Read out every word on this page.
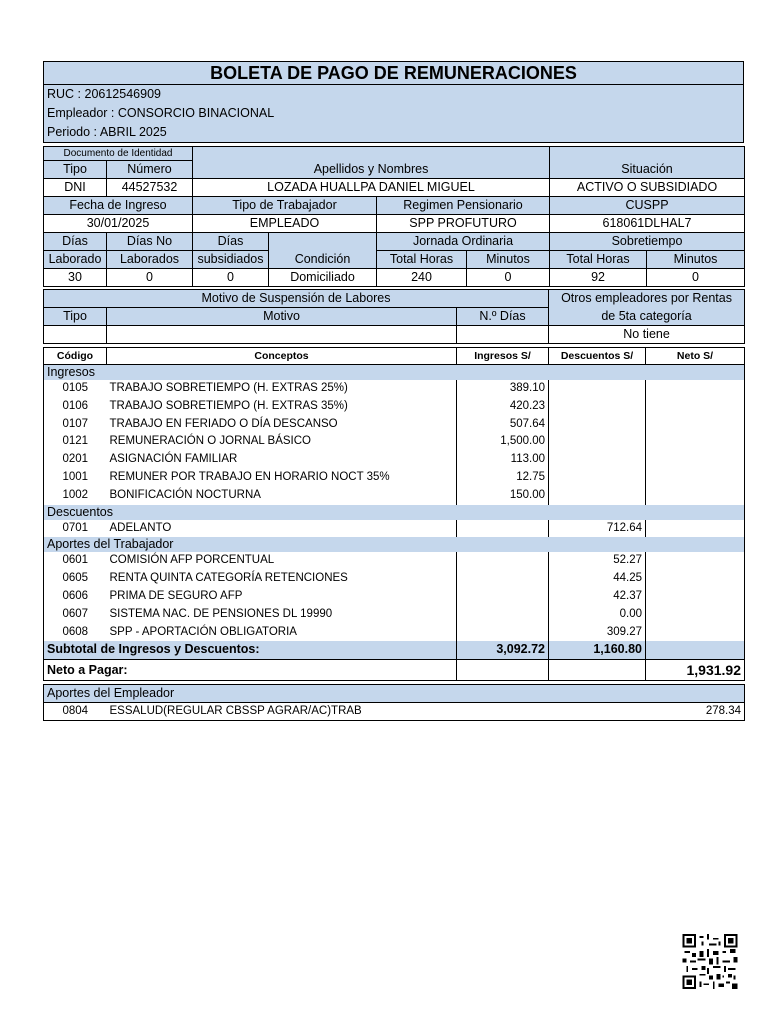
BOLETA DE PAGO DE REMUNERACIONES
RUC : 20612546909
Empleador : CONSORCIO BINACIONAL
Periodo : ABRIL 2025
Documento de Identidad		Apellidos y Nombres				Situación	
Tipo	Número						
DNI	44527532	LOZADA HUALLPA DANIEL MIGUEL				ACTIVO O SUBSIDIADO	
Fecha de Ingreso		Tipo de Trabajador		Regimen Pensionario		CUSPP	
30/01/2025		EMPLEADO		SPP PROFUTURO		618061DLHAL7	
Días	Días No	Días	Condición	Jornada Ordinaria		Sobretiempo	
Laborado	Laborados	subsidiados		Total Horas	Minutos	Total Horas	Minutos
30	0	0	Domiciliado	240	0	92	0
Motivo de Suspensión de Labores			Otros empleadores por Rentas
Tipo	Motivo	N.º Días	de 5ta categoría
			No tiene
Código	Conceptos	Ingresos S/	Descuentos S/	Neto S/
Ingresos				
0105	TRABAJO SOBRETIEMPO (H. EXTRAS 25%)	389.10		
0106	TRABAJO SOBRETIEMPO (H. EXTRAS 35%)	420.23		
0107	TRABAJO EN FERIADO O DÍA DESCANSO	507.64		
0121	REMUNERACIÓN O JORNAL BÁSICO	1,500.00		
0201	ASIGNACIÓN FAMILIAR	113.00		
1001	REMUNER POR TRABAJO EN HORARIO NOCT 35%	12.75		
1002	BONIFICACIÓN NOCTURNA	150.00		
Descuentos				
0701	ADELANTO		712.64	
Aportes del Trabajador				
0601	COMISIÓN AFP PORCENTUAL		52.27	
0605	RENTA QUINTA CATEGORÍA RETENCIONES		44.25	
0606	PRIMA DE SEGURO AFP		42.37	
0607	SISTEMA NAC. DE PENSIONES DL 19990		0.00	
0608	SPP - APORTACIÓN OBLIGATORIA		309.27	
Subtotal de Ingresos y Descuentos:		3,092.72	1,160.80	
Neto a Pagar:				1,931.92
Aportes del Empleador
0804	ESSALUD(REGULAR CBSSP AGRAR/AC)TRAB	278.34
